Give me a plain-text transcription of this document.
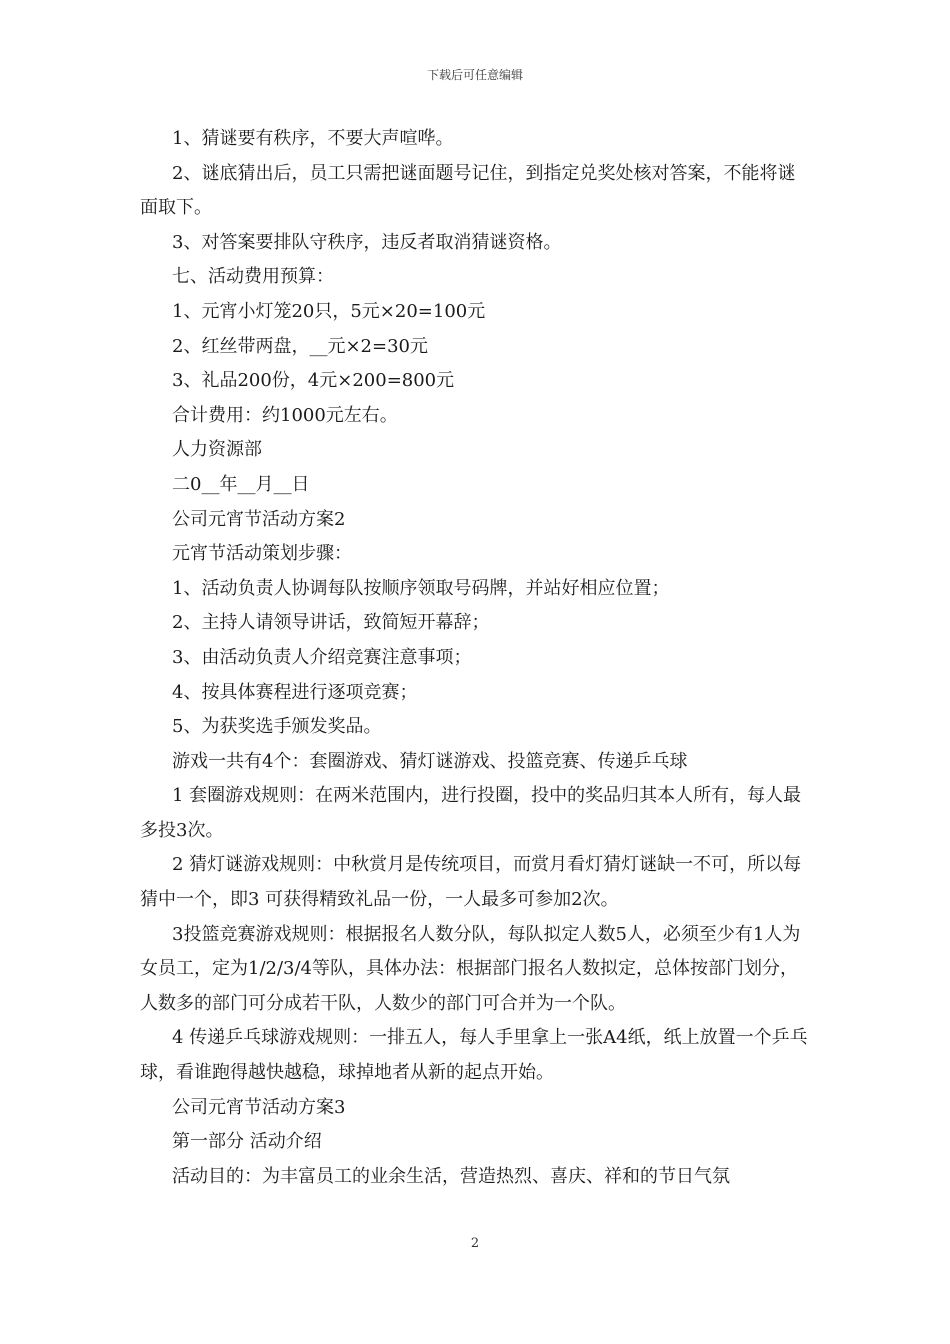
下载后可任意编辑

1、猜谜要有秩序，不要大声喧哗。

2、谜底猜出后，员工只需把谜面题号记住，到指定兑奖处核对答案，不能将谜面取下。

3、对答案要排队守秩序，违反者取消猜谜资格。

七、活动费用预算：

1、元宵小灯笼20只，5元×20=100元

2、红丝带两盘，__元×2=30元

3、礼品200份，4元×200=800元

合计费用：约1000元左右。

人力资源部

二0__年__月__日

公司元宵节活动方案2

元宵节活动策划步骤：

1、活动负责人协调每队按顺序领取号码牌，并站好相应位置；

2、主持人请领导讲话，致简短开幕辞；

3、由活动负责人介绍竞赛注意事项；

4、按具体赛程进行逐项竞赛；

5、为获奖选手颁发奖品。

游戏一共有4个：套圈游戏、猜灯谜游戏、投篮竞赛、传递乒乓球

1 套圈游戏规则：在两米范围内，进行投圈，投中的奖品归其本人所有，每人最多投3次。

2 猜灯谜游戏规则：中秋赏月是传统项目，而赏月看灯猜灯谜缺一不可，所以每猜中一个，即3 可获得精致礼品一份，一人最多可参加2次。

3投篮竞赛游戏规则：根据报名人数分队，每队拟定人数5人，必须至少有1人为女员工，定为1/2/3/4等队，具体办法：根据部门报名人数拟定，总体按部门划分，人数多的部门可分成若干队，人数少的部门可合并为一个队。

4 传递乒乓球游戏规则：一排五人，每人手里拿上一张A4纸，纸上放置一个乒乓球，看谁跑得越快越稳，球掉地者从新的起点开始。

公司元宵节活动方案3

第一部分 活动介绍

活动目的：为丰富员工的业余生活，营造热烈、喜庆、祥和的节日气氛

2
